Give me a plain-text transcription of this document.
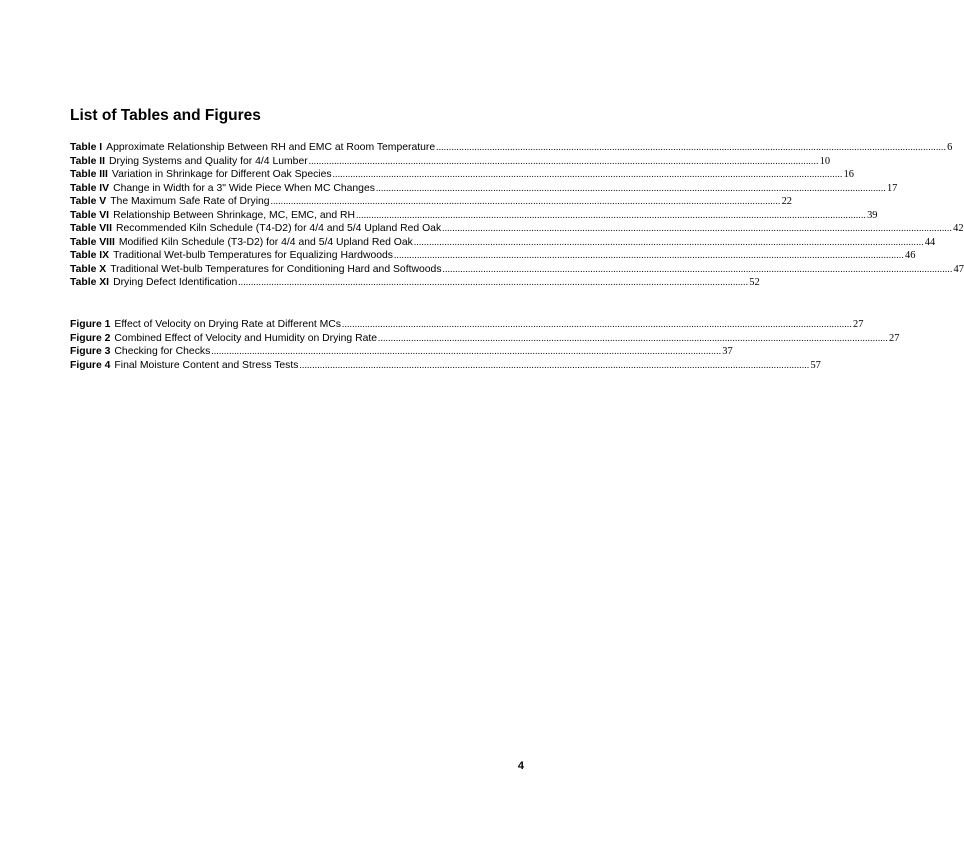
List of Tables and Figures
Table I Approximate Relationship Between RH and EMC at Room Temperature ........................................................................................................................................................................................................ 6
Table II Drying Systems and Quality for 4/4 Lumber ........................................................................................................................................................................................................ 10
Table III Variation in Shrinkage for Different Oak Species ........................................................................................................................................................................................................ 16
Table IV Change in Width for a 3" Wide Piece When MC Changes ........................................................................................................................................................................................................ 17
Table V The Maximum Safe Rate of Drying ........................................................................................................................................................................................................ 22
Table VI Relationship Between Shrinkage, MC, EMC, and RH ........................................................................................................................................................................................................ 39
Table VII Recommended Kiln Schedule (T4-D2) for 4/4 and 5/4 Upland Red Oak ........................................................................................................................................................................................................ 42
Table VIII Modified Kiln Schedule (T3-D2) for 4/4 and 5/4 Upland Red Oak ........................................................................................................................................................................................................ 44
Table IX Traditional Wet-bulb Temperatures for Equalizing Hardwoods ........................................................................................................................................................................................................ 46
Table X Traditional Wet-bulb Temperatures for Conditioning Hard and Softwoods ........................................................................................................................................................................................................ 47
Table XI Drying Defect Identification ........................................................................................................................................................................................................ 52
Figure 1 Effect of Velocity on Drying Rate at Different MCs ........................................................................................................................................................................................................ 27
Figure 2 Combined Effect of Velocity and Humidity on Drying Rate ........................................................................................................................................................................................................ 27
Figure 3 Checking for Checks ........................................................................................................................................................................................................ 37
Figure 4 Final Moisture Content and Stress Tests ........................................................................................................................................................................................................ 57
4
